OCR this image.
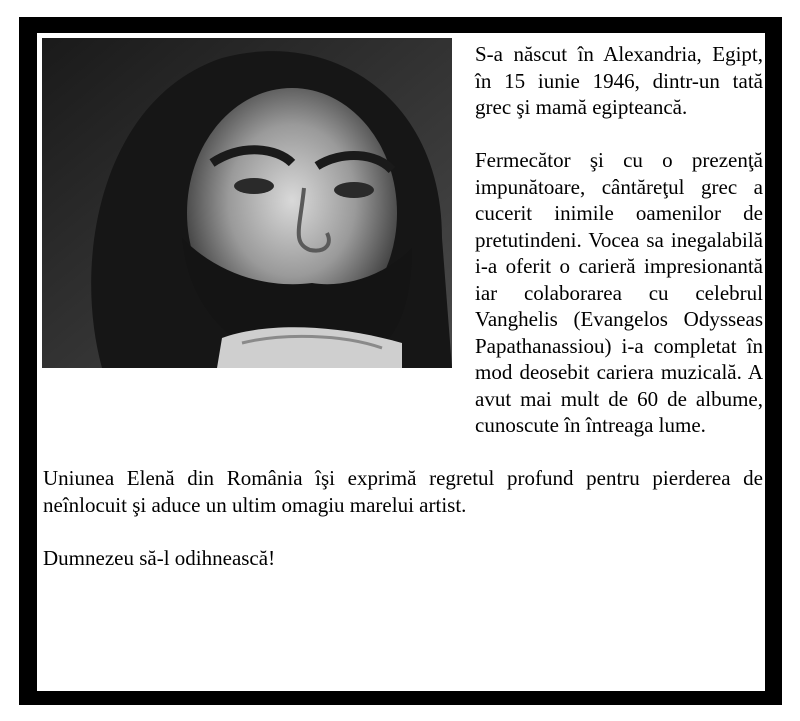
S-a născut în Alexandria, Egipt, în 15 iunie 1946, dintr-un tată grec şi mamă egipteancă.

Fermecător şi cu o prezenţă impunătoare, cântăreţul grec a cucerit inimile oamenilor de pretutindeni. Vocea sa inegalabilă i-a oferit o carieră impresionantă iar colaborarea cu celebrul Vanghelis (Evangelos Odysseas Papathanassiou) i-a completat în mod deosebit cariera muzicală. A avut mai mult de 60 de albume, cunoscute în întreaga lume.

Uniunea Elenă din România îşi exprimă regretul profund pentru pierderea de neînlocuit şi aduce un ultim omagiu marelui artist.

Dumnezeu să-l odihnească!
